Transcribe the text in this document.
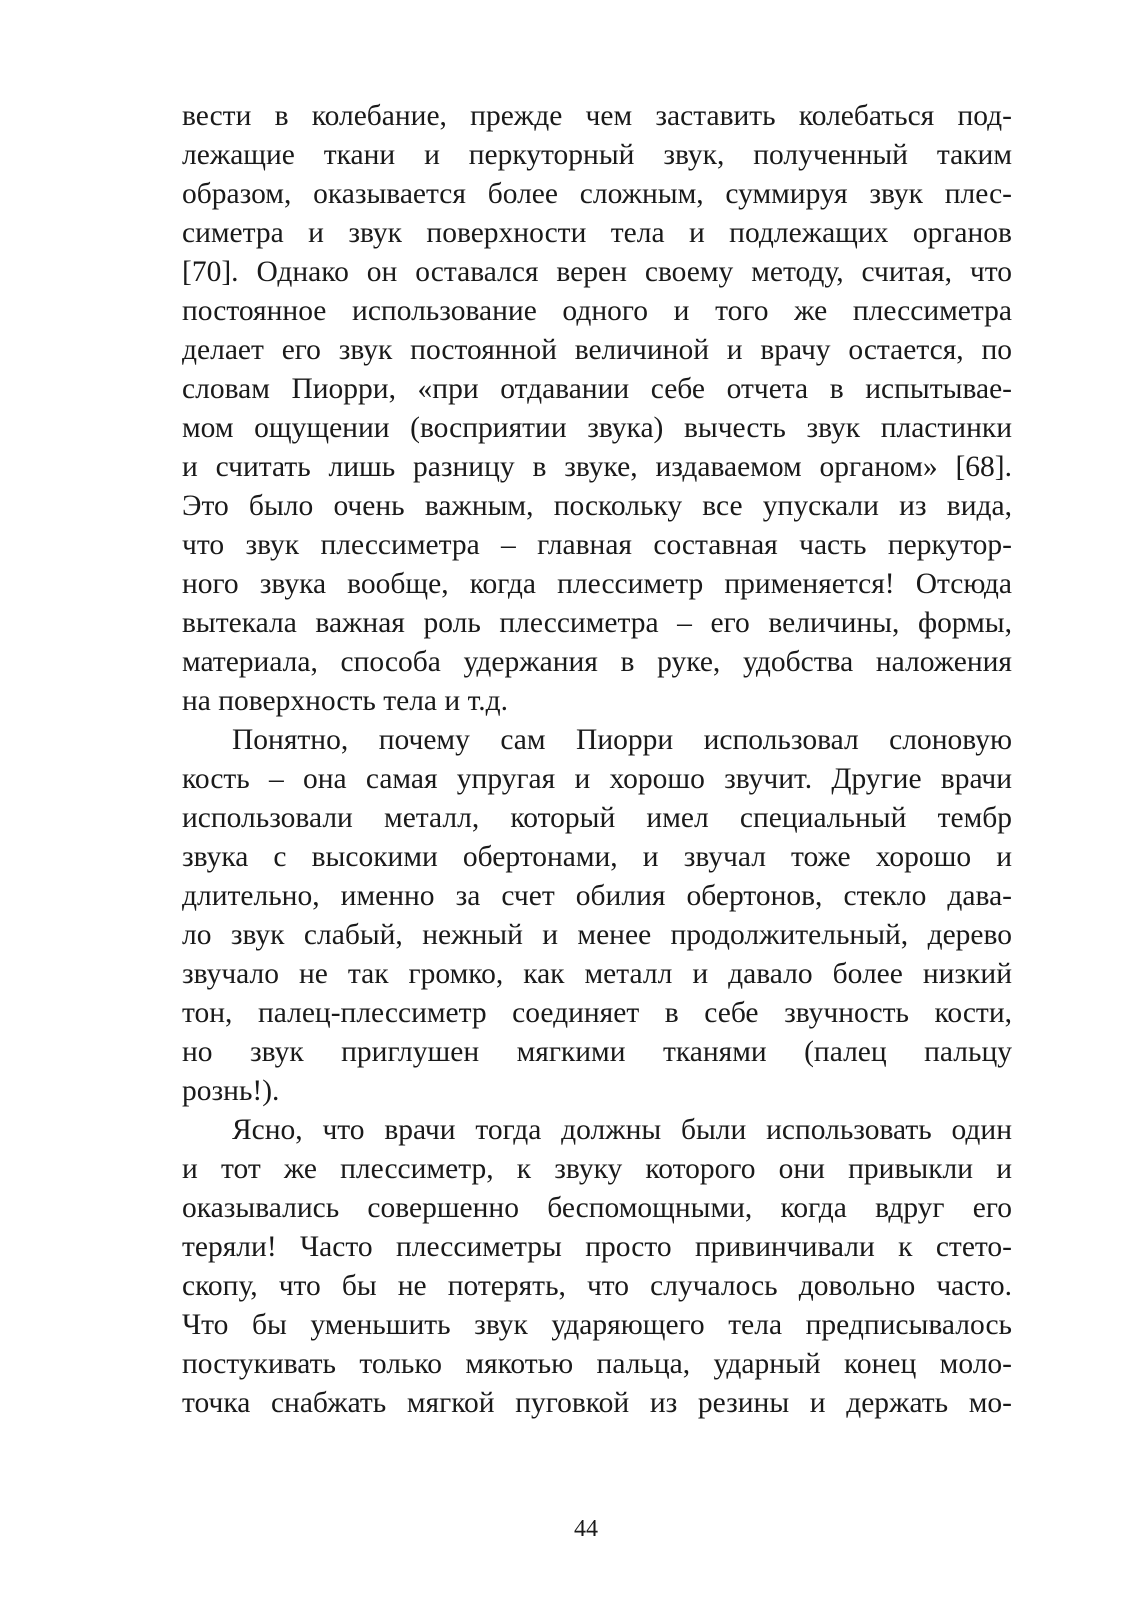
вести в колебание, прежде чем заставить колебаться под-
лежащие ткани и перкуторный звук, полученный таким
образом, оказывается более сложным, суммируя звук плес-
симетра и звук поверхности тела и подлежащих органов
[70]. Однако он оставался верен своему методу, считая, что
постоянное использование одного и того же плессиметра
делает его звук постоянной величиной и врачу остается, по
словам Пиорри, «при отдавании себе отчета в испытывае-
мом ощущении (восприятии звука) вычесть звук пластинки
и считать лишь разницу в звуке, издаваемом органом» [68].
Это было очень важным, поскольку все упускали из вида,
что звук плессиметра – главная составная часть перкутор-
ного звука вообще, когда плессиметр применяется! Отсюда
вытекала важная роль плессиметра – его величины, формы,
материала, способа удержания в руке, удобства наложения
на поверхность тела и т.д.
Понятно, почему сам Пиорри использовал слоновую
кость – она самая упругая и хорошо звучит. Другие врачи
использовали металл, который имел специальный тембр
звука с высокими обертонами, и звучал тоже хорошо и
длительно, именно за счет обилия обертонов, стекло дава-
ло звук слабый, нежный и менее продолжительный, дерево
звучало не так громко, как металл и давало более низкий
тон, палец-плессиметр соединяет в себе звучность кости,
но звук приглушен мягкими тканями (палец пальцу
рознь!).
Ясно, что врачи тогда должны были использовать один
и тот же плессиметр, к звуку которого они привыкли и
оказывались совершенно беспомощными, когда вдруг его
теряли! Часто плессиметры просто привинчивали к стето-
скопу, что бы не потерять, что случалось довольно часто.
Что бы уменьшить звук ударяющего тела предписывалось
постукивать только мякотью пальца, ударный конец моло-
точка снабжать мягкой пуговкой из резины и держать мо-
44
